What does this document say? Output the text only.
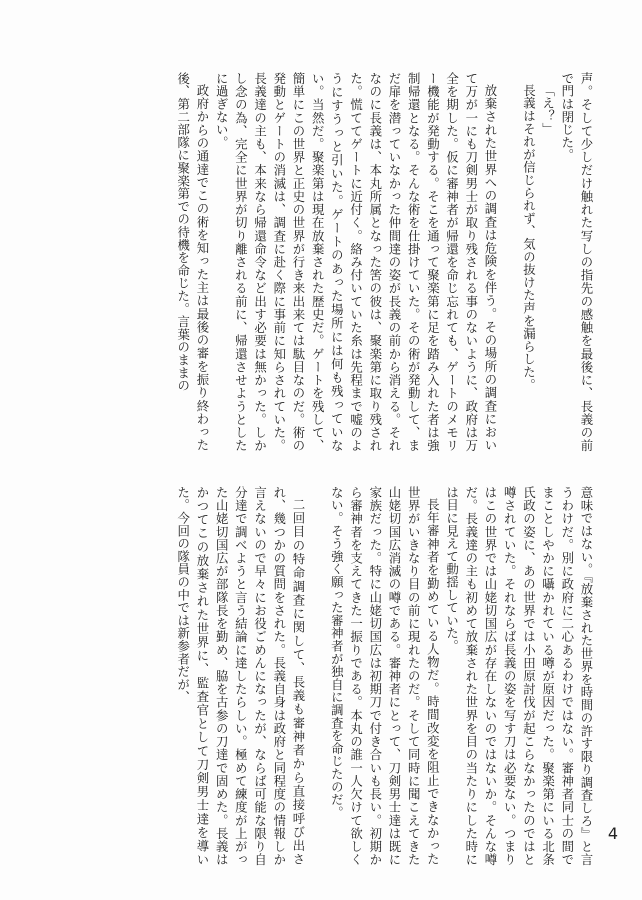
声。そして少しだけ触れた写しの指先の感触を最後に、長義の前で門は閉じた。

「え？」

長義はそれが信じられず、気の抜けた声を漏らした。

放棄された世界への調査は危険を伴う。その場所の調査において万が一にも刀剣男士が取り残される事のないように、政府は万全を期した。仮に審神者が帰還を命じ忘れても、ゲートのメモリー機能が発動する。そこを通って聚楽第に足を踏み入れた者は強制帰還となる。そんな術を仕掛けていた。その術が発動して、まだ扉を潜っていなかった仲間達の姿が長義の前から消える。それなのに長義は、本丸所属となった筈の彼は、聚楽第に取り残された。慌ててゲートに近付く。絡み付いていた糸は先程まで嘘のようにすうっと引いた。ゲートのあった場所には何も残っていない。当然だ。聚楽第は現在放棄された歴史だ。ゲートを残して、簡単にこの世界と正史の世界が行き来出来ては駄目なのだ。術の発動とゲートの消滅は、調査に赴く際に事前に知らされていた。長義達の主も、本来なら帰還命令など出す必要は無かった。しかし念の為、完全に世界が切り離される前に、帰還させようとしたに過ぎない。

政府からの通達でこの術を知った主は最後の審を振り終わった後、第二部隊に聚楽第での待機を命じた。言葉のままの

意味ではない。『放棄された世界を時間の許す限り調査しろ』と言うわけだ。別に政府に二心あるわけではない。審神者同士の間でまことしやかに囁かれている噂が原因だった。聚楽第にいる北条氏政の姿に、あの世界では小田原討伐が起こらなかったのではと噂されていた。それならば長義の姿を写す刀は必要ない。つまりはこの世界では山姥切国広が存在しないのではないか。そんな噂だ。長義達の主も初めて放棄された世界を目の当たりにした時には目に見えて動揺していた。

長年審神者を勤めている人物だ。時間改変を阻止できなかった世界がいきなり目の前に現れたのだ。そして同時に聞こえてきた山姥切国広消滅の噂である。審神者にとって、刀剣男士達は既に家族だった。特に山姥切国広は初期刀で付き合いも長い。初期から審神者を支えてきた一振りである。本丸の誰一人欠けて欲しくない。そう強く願った審神者が独自に調査を命じたのだ。

二回目の特命調査に関して、長義も審神者から直接呼び出され、幾つかの質問をされた。長義自身は政府と同程度の情報しか言えないので早々にお役ごめんになったが、ならば可能な限り自分達で調べようと言う結論に達したらしい。極めて練度が上がった山姥切国広が部隊長を勤め、脇を古参の刀達で固めた。長義はかつてこの放棄された世界に、監査官として刀剣男士達を導いた。今回の隊員の中では新参者だが、

4
